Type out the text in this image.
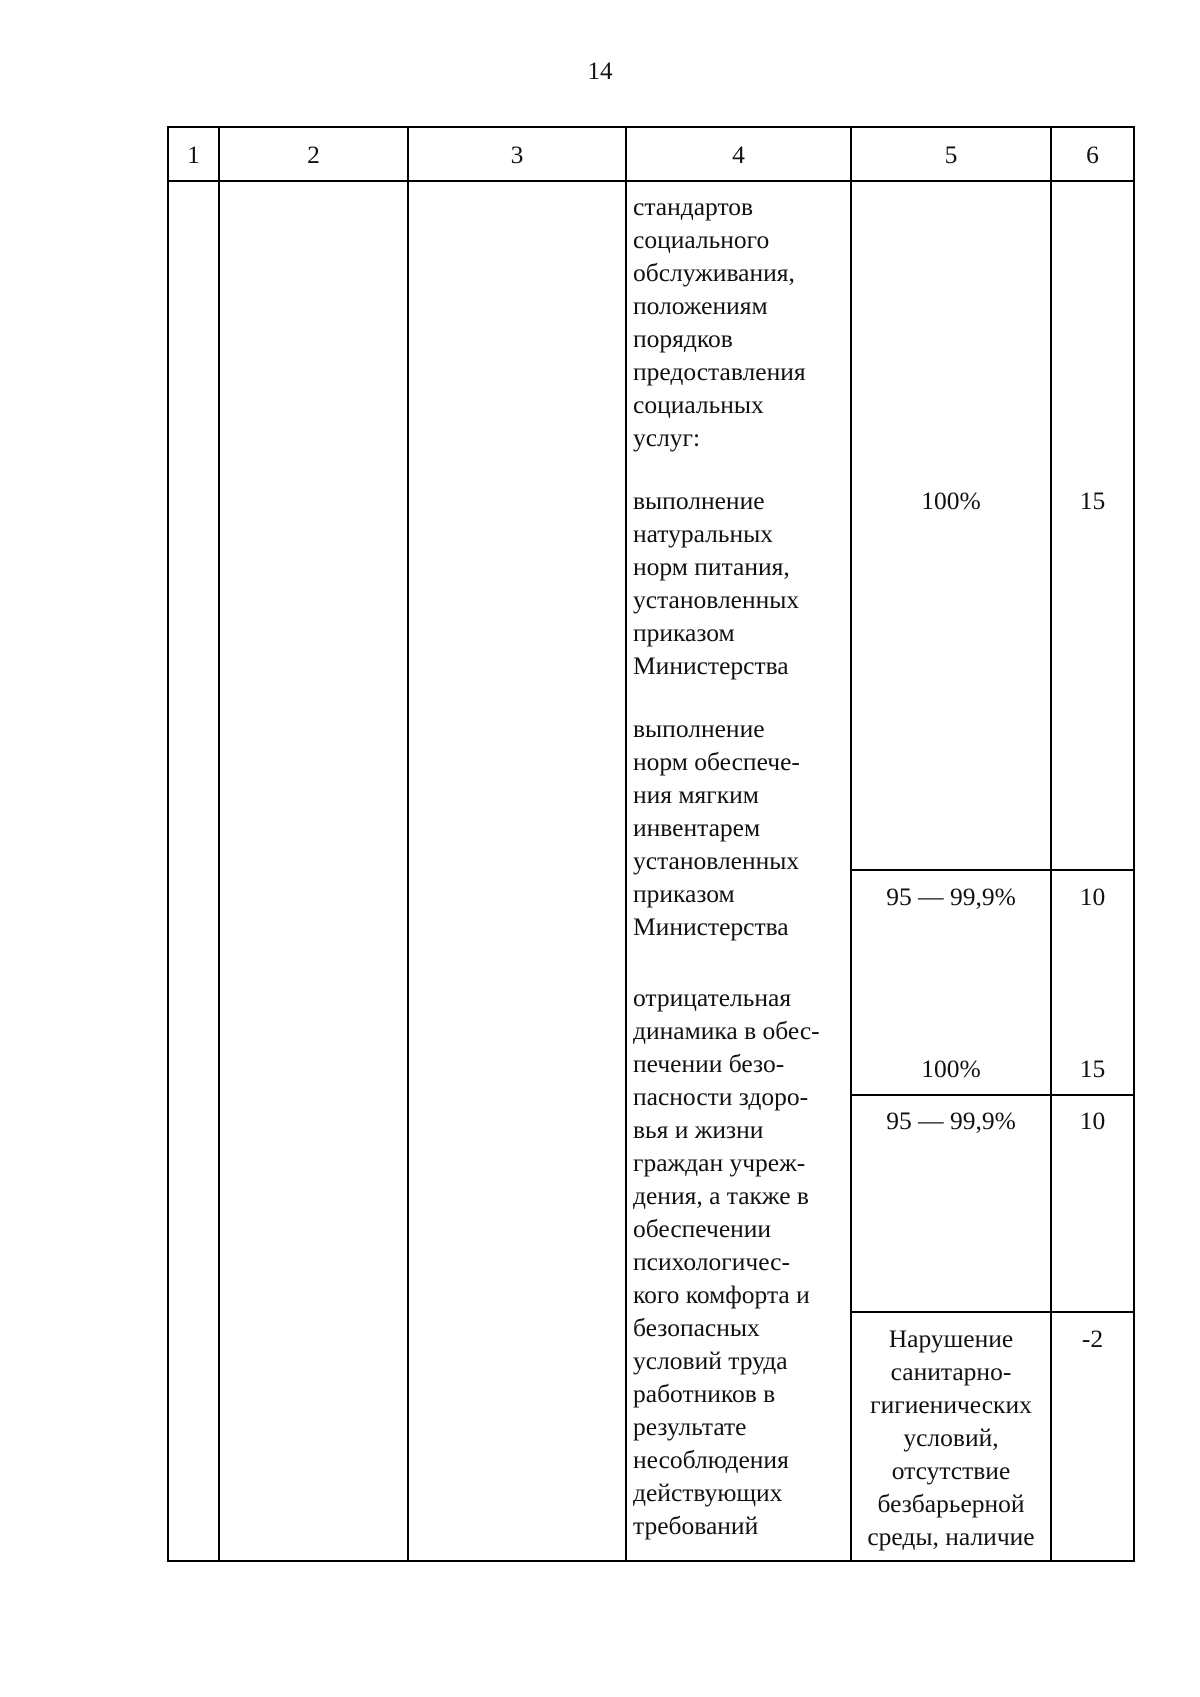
14
1	2	3	4	5	6
стандартов
социального
обслуживания,
положениям
порядков
предоставления
социальных
услуг:
выполнение
натуральных
норм питания,
установленных
приказом
Министерства
выполнение
норм обеспече-
ния мягким
инвентарем
установленных
приказом
Министерства
отрицательная
динамика в обес-
печении безо-
пасности здоро-
вья и жизни
граждан учреж-
дения, а также в
обеспечении
психологичес-
кого комфорта и
безопасных
условий труда
работников в
результате
несоблюдения
действующих
требований
100%	15
95 — 99,9%	10
100%	15
95 — 99,9%	10
Нарушение
санитарно-
гигиенических
условий,
отсутствие
безбарьерной
среды, наличие
-2
